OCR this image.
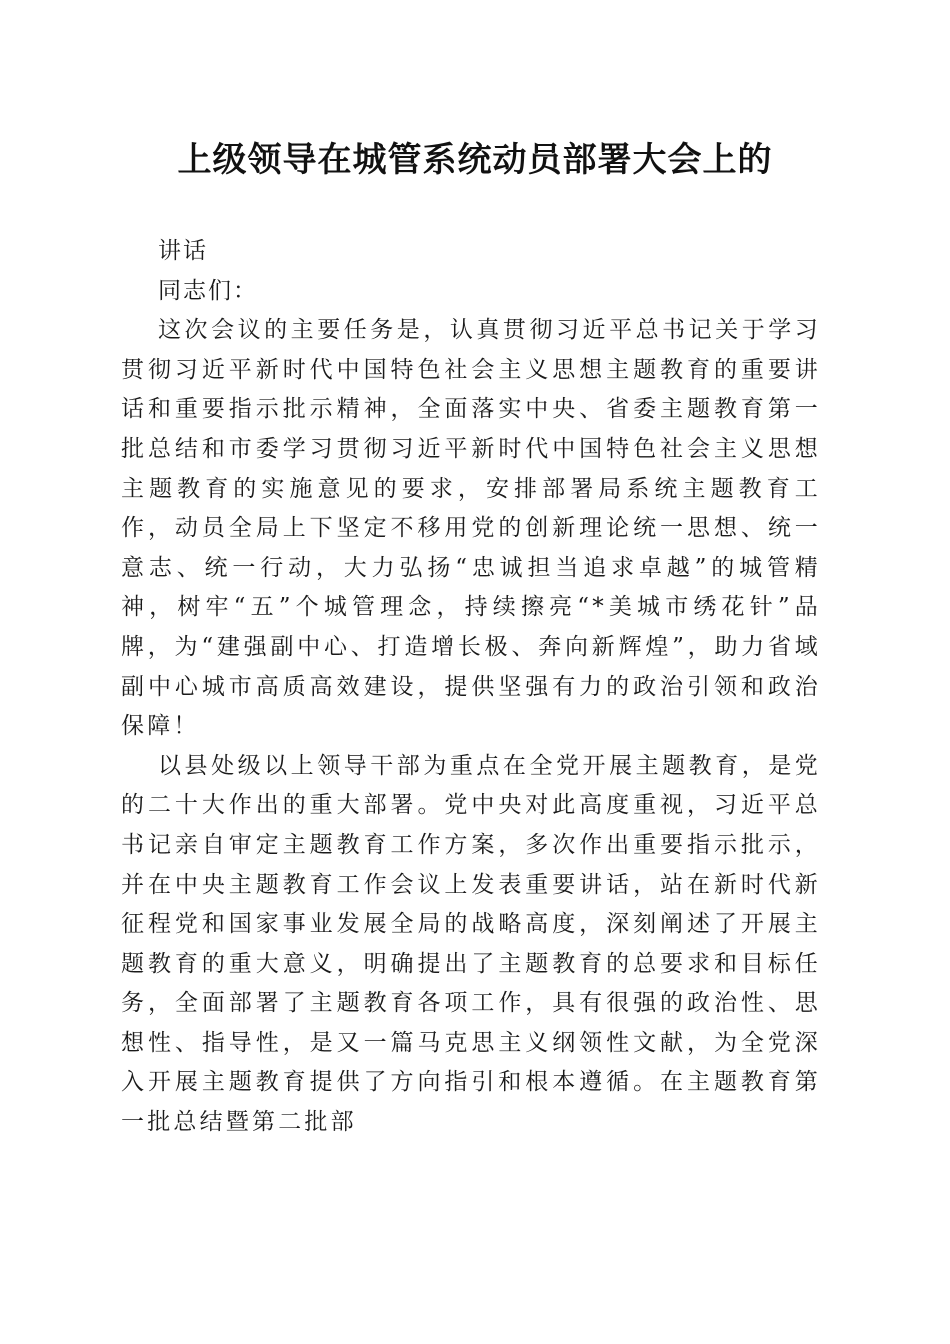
上级领导在城管系统动员部署大会上的

讲话

同志们：

这次会议的主要任务是，认真贯彻习近平总书记关于学习贯彻习近平新时代中国特色社会主义思想主题教育的重要讲话和重要指示批示精神，全面落实中央、省委主题教育第一批总结和市委学习贯彻习近平新时代中国特色社会主义思想主题教育的实施意见的要求，安排部署局系统主题教育工作，动员全局上下坚定不移用党的创新理论统一思想、统一意志、统一行动，大力弘扬“忠诚担当追求卓越”的城管精神，树牢“五”个城管理念，持续擦亮“*美城市绣花针”品牌，为“建强副中心、打造增长极、奔向新辉煌”，助力省域副中心城市高质高效建设，提供坚强有力的政治引领和政治保障！

以县处级以上领导干部为重点在全党开展主题教育，是党的二十大作出的重大部署。党中央对此高度重视，习近平总书记亲自审定主题教育工作方案，多次作出重要指示批示，并在中央主题教育工作会议上发表重要讲话，站在新时代新征程党和国家事业发展全局的战略高度，深刻阐述了开展主题教育的重大意义，明确提出了主题教育的总要求和目标任务，全面部署了主题教育各项工作，具有很强的政治性、思想性、指导性，是又一篇马克思主义纲领性文献，为全党深入开展主题教育提供了方向指引和根本遵循。在主题教育第一批总结暨第二批部
